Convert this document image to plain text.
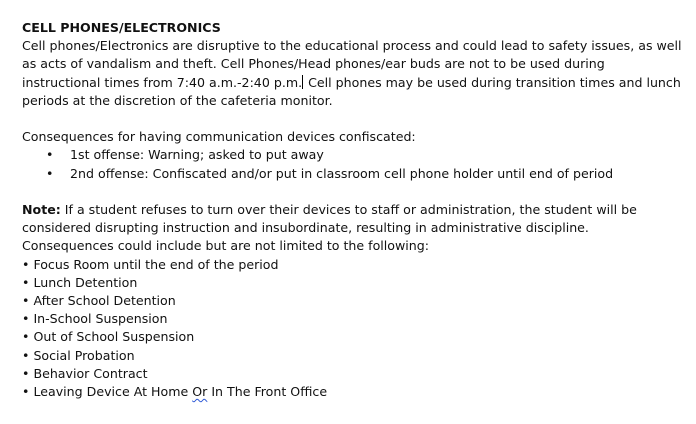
CELL PHONES/ELECTRONICS
Cell phones/Electronics are disruptive to the educational process and could lead to safety issues, as well
as acts of vandalism and theft. Cell Phones/Head phones/ear buds are not to be used during
instructional times from 7:40 a.m.-2:40 p.m. Cell phones may be used during transition times and lunch
periods at the discretion of the cafeteria monitor.
Consequences for having communication devices confiscated:
• 1st offense: Warning; asked to put away
• 2nd offense: Confiscated and/or put in classroom cell phone holder until end of period
Note: If a student refuses to turn over their devices to staff or administration, the student will be
considered disrupting instruction and insubordinate, resulting in administrative discipline.
Consequences could include but are not limited to the following:
• Focus Room until the end of the period
• Lunch Detention
• After School Detention
• In-School Suspension
• Out of School Suspension
• Social Probation
• Behavior Contract
• Leaving Device At Home Or In The Front Office
